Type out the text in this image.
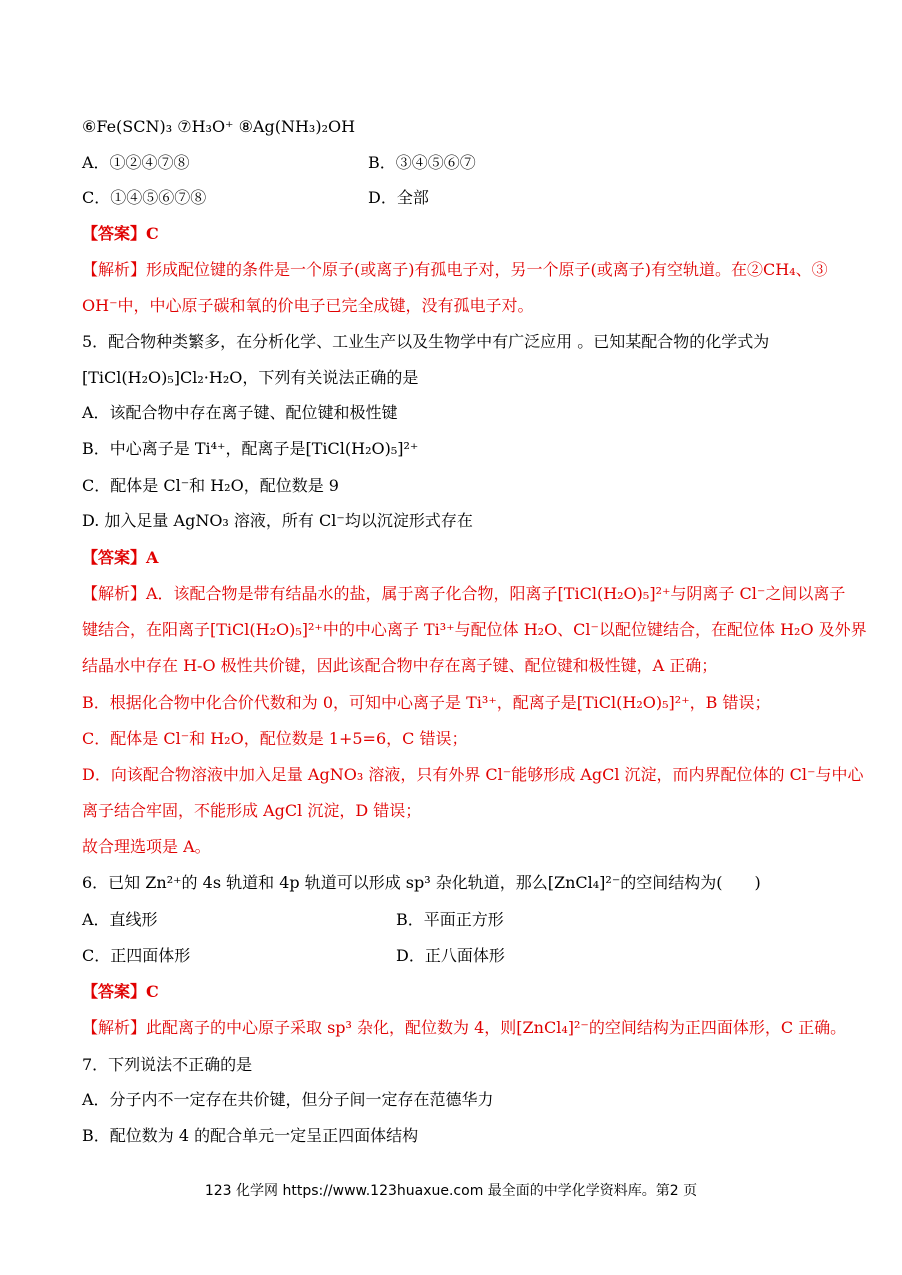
⑥Fe(SCN)₃ ⑦H₃O⁺ ⑧Ag(NH₃)₂OH
A．①②④⑦⑧	B．③④⑤⑥⑦
C．①④⑤⑥⑦⑧	D．全部
【答案】C
【解析】形成配位键的条件是一个原子(或离子)有孤电子对，另一个原子(或离子)有空轨道。在②CH₄、③
OH⁻中，中心原子碳和氧的价电子已完全成键，没有孤电子对。
5．配合物种类繁多，在分析化学、工业生产以及生物学中有广泛应用 。已知某配合物的化学式为
[TiCl(H₂O)₅]Cl₂·H₂O，下列有关说法正确的是
A．该配合物中存在离子键、配位键和极性键
B．中心离子是 Ti⁴⁺，配离子是[TiCl(H₂O)₅]²⁺
C．配体是 Cl⁻和 H₂O，配位数是 9
D. 加入足量 AgNO₃ 溶液，所有 Cl⁻均以沉淀形式存在
【答案】A
【解析】A．该配合物是带有结晶水的盐，属于离子化合物，阳离子[TiCl(H₂O)₅]²⁺与阴离子 Cl⁻之间以离子
键结合，在阳离子[TiCl(H₂O)₅]²⁺中的中心离子 Ti³⁺与配位体 H₂O、Cl⁻以配位键结合，在配位体 H₂O 及外界
结晶水中存在 H-O 极性共价键，因此该配合物中存在离子键、配位键和极性键，A 正确；
B．根据化合物中化合价代数和为 0，可知中心离子是 Ti³⁺，配离子是[TiCl(H₂O)₅]²⁺，B 错误；
C．配体是 Cl⁻和 H₂O，配位数是 1+5=6，C 错误；
D．向该配合物溶液中加入足量 AgNO₃ 溶液，只有外界 Cl⁻能够形成 AgCl 沉淀，而内界配位体的 Cl⁻与中心
离子结合牢固，不能形成 AgCl 沉淀，D 错误；
故合理选项是 A。
6．已知 Zn²⁺的 4s 轨道和 4p 轨道可以形成 sp³ 杂化轨道，那么[ZnCl₄]²⁻的空间结构为(　　)
A．直线形	B．平面正方形
C．正四面体形	D．正八面体形
【答案】C
【解析】此配离子的中心原子采取 sp³ 杂化，配位数为 4，则[ZnCl₄]²⁻的空间结构为正四面体形，C 正确。
7．下列说法不正确的是
A．分子内不一定存在共价键，但分子间一定存在范德华力
B．配位数为 4 的配合单元一定呈正四面体结构
123 化学网 https://www.123huaxue.com 最全面的中学化学资料库。第2 页
